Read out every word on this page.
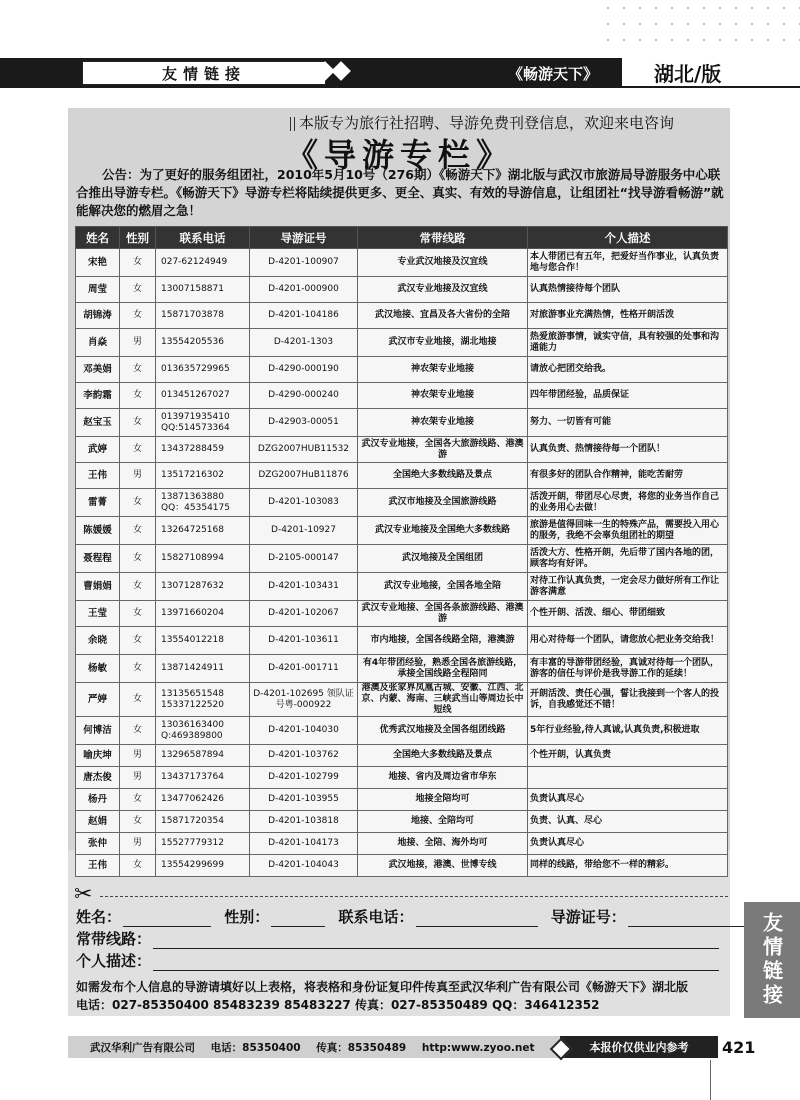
友情链接	《畅游天下》	湖北/版
本版专为旅行社招聘、导游免费刊登信息，欢迎来电咨询
《导游专栏》
公告：为了更好的服务组团社，2010年5月10号（276期）《畅游天下》湖北版与武汉市旅游局导游服务中心联合推出导游专栏。《畅游天下》导游专栏将陆续提供更多、更全、真实、有效的导游信息，让组团社“找导游看畅游”就能解决您的燃眉之急！
姓名	性别	联系电话	导游证号	常带线路	个人描述
宋艳	女	027-62124949	D-4201-100907	专业武汉地接及汉宜线	本人带团已有五年，把爱好当作事业，认真负责地与您合作！
周莹	女	13007158871	D-4201-000900	武汉专业地接及汉宜线	认真热情接待每个团队
胡锦涛	女	15871703878	D-4201-104186	武汉地接、宜昌及各大省份的全陪	对旅游事业充满热情，性格开朗活泼
肖焱	男	13554205536	D-4201-1303	武汉市专业地接，湖北地接	热爱旅游事情，诚实守信，具有较强的处事和沟通能力
邓美娟	女	013635729965	D-4290-000190	神农架专业地接	请放心把团交给我。
李韵霜	女	013451267027	D-4290-000240	神农架专业地接	四年带团经验，品质保证
赵宝玉	女	013971935410 QQ:514573364	D-42903-00051	神农架专业地接	努力、一切皆有可能
武婷	女	13437288459	DZG2007HUB11532	武汉专业地接，全国各大旅游线路、港澳游	认真负责、热情接待每一个团队！
王伟	男	13517216302	DZG2007HuB11876	全国绝大多数线路及景点	有很多好的团队合作精神，能吃苦耐劳
雷菁	女	13871363880 QQ：45354175	D-4201-103083	武汉市地接及全国旅游线路	活泼开朗，带团尽心尽责，将您的业务当作自己的业务用心去做！
陈媛媛	女	13264725168	D-4201-10927	武汉专业地接及全国绝大多数线路	旅游是值得回味一生的特殊产品，需要投入用心的服务，我绝不会辜负组团社的期望
聂程程	女	15827108994	D-2105-000147	武汉地接及全国组团	活泼大方、性格开朗，先后带了国内各地的团，顾客均有好评。
曹娟娟	女	13071287632	D-4201-103431	武汉专业地接，全国各地全陪	对待工作认真负责，一定会尽力做好所有工作让游客满意
王莹	女	13971660204	D-4201-102067	武汉专业地接、全国各条旅游线路、港澳游	个性开朗、活泼、细心、带团细致
余晓	女	13554012218	D-4201-103611	市内地接，全国各线路全陪，港澳游	用心对待每一个团队，请您放心把业务交给我！
杨敏	女	13871424911	D-4201-001711	有4年带团经验，熟悉全国各旅游线路，承接全国线路全程陪同	有丰富的导游带团经验，真诚对待每一个团队，游客的信任与评价是我导游工作的延续！
严婷	女	13135651548 15337122520	D-4201-102695 领队证号粤-000922	港澳及张家界凤凰古城、安徽、江西、北京、内蒙、海南、三峡武当山等周边长中短线	开朗活泼、责任心强，誓让我接到一个客人的投诉，自我感觉还不错！
何博洁	女	13036163400 Q:469389800	D-4201-104030	优秀武汉地接及全国各组团线路	5年行业经验,待人真诚,认真负责,积极进取
喻庆坤	男	13296587894	D-4201-103762	全国绝大多数线路及景点	个性开朗，认真负责
唐杰俊	男	13437173764	D-4201-102799	地接、省内及周边省市华东	
杨丹	女	13477062426	D-4201-103955	地接全陪均可	负责认真尽心
赵娟	女	15871720354	D-4201-103818	地接、全陪均可	负责、认真、尽心
张仲	男	15527779312	D-4201-104173	地接、全陪、海外均可	负责认真尽心
王伟	女	13554299699	D-4201-104043	武汉地接，港澳、世博专线	同样的线路，带给您不一样的精彩。
✂
姓名：	性别：	联系电话：	导游证号：
常带线路：
个人描述：
如需发布个人信息的导游请填好以上表格，将表格和身份证复印件传真至武汉华利广告有限公司《畅游天下》湖北版
电话：027-85350400 85483239 85483227 传真：027-85350489 QQ：346412352	友情链接
武汉华利广告有限公司 电话：85350400 传真：85350489 http:www.zyoo.net	本报价仅供业内参考	421
